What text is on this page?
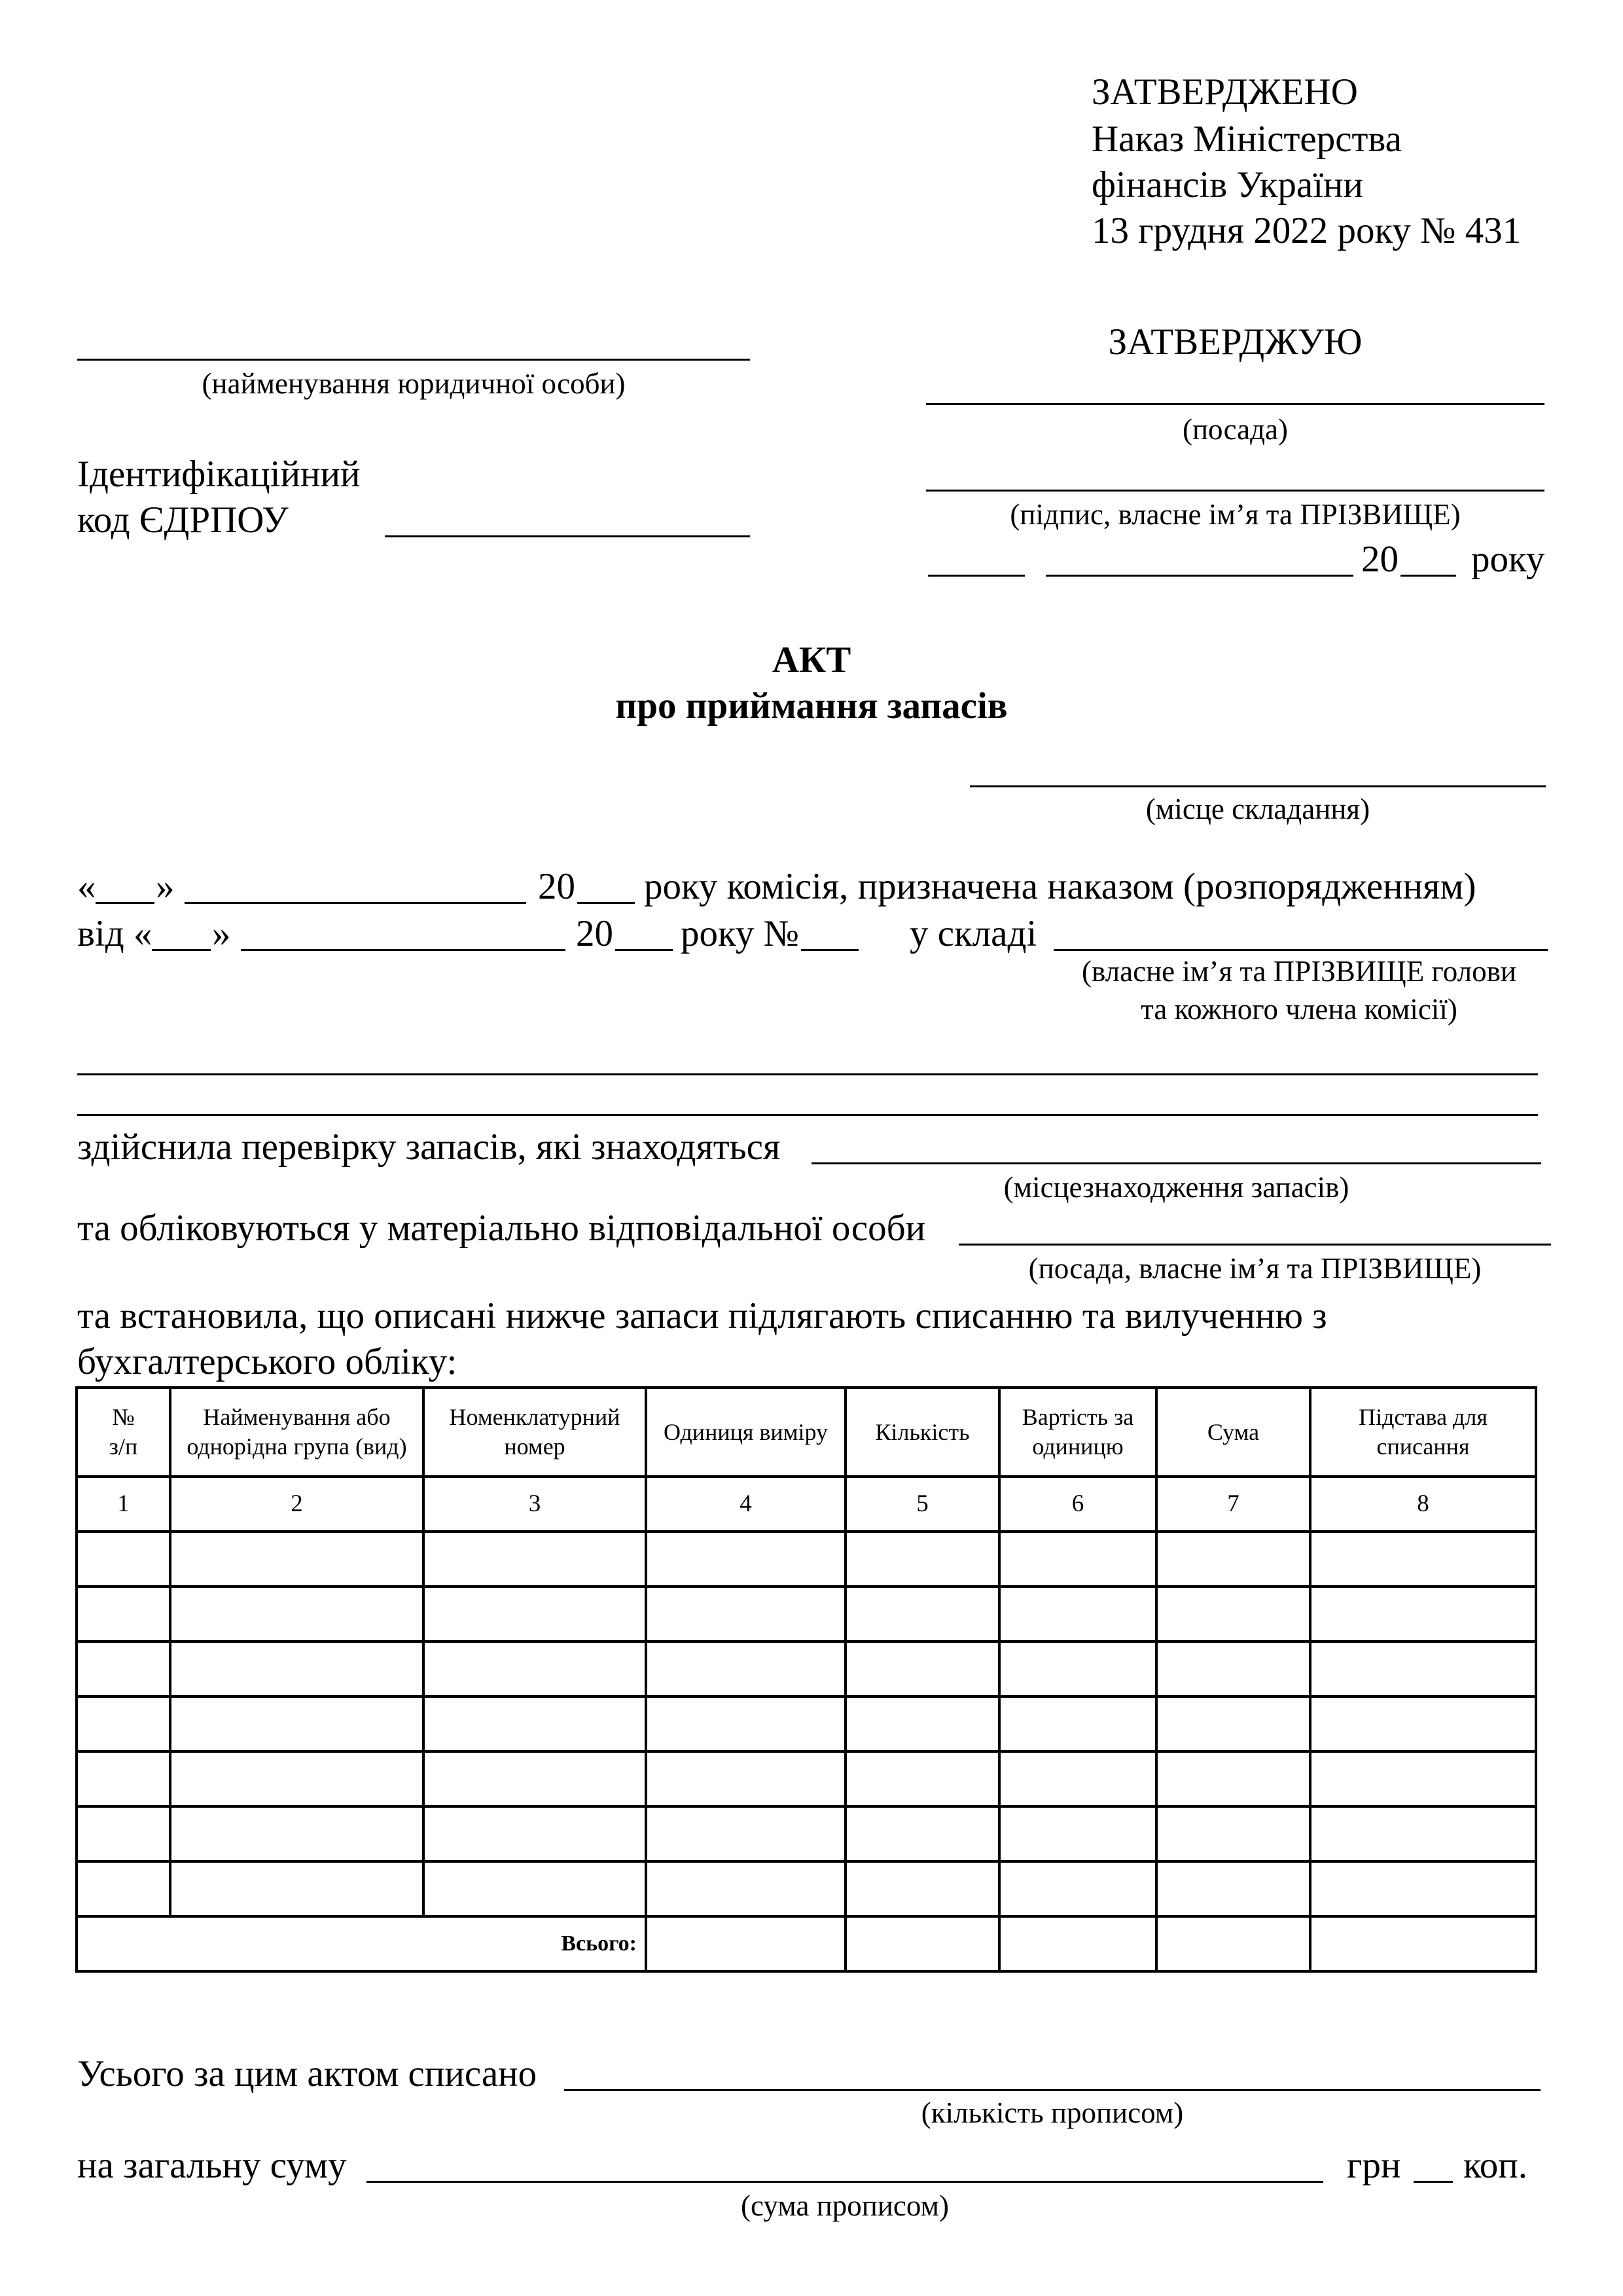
ЗАТВЕРДЖЕНО
Наказ Міністерства
фінансів України
13 грудня 2022 року № 431
(найменування юридичної особи)
Ідентифікаційний
код ЄДРПОУ
ЗАТВЕРДЖУЮ
(посада)
(підпис, власне ім’я та ПРІЗВИЩЕ)
20 року
АКТ
про приймання запасів
(місце складання)
« »	20 року комісія, призначена наказом (розпорядженням)
від « »	20 року №	у складі
(власне ім’я та ПРІЗВИЩЕ голови
та кожного члена комісії)
здійснила перевірку запасів, які знаходяться
(місцезнаходження запасів)
та обліковуються у матеріально відповідальної особи
(посада, власне ім’я та ПРІЗВИЩЕ)
та встановила, що описані нижче запаси підлягають списанню та вилученню з
бухгалтерського обліку:
№
з/п	Найменування або однорідна група (вид)	Номенклатурний номер	Одиниця виміру	Кількість	Вартість за одиницю	Сума	Підстава для списання
1	2	3	4	5	6	7	8

Всього:							
Усього за цим актом списано
(кількість прописом)
на загальну суму	грн коп.
(сума прописом)
